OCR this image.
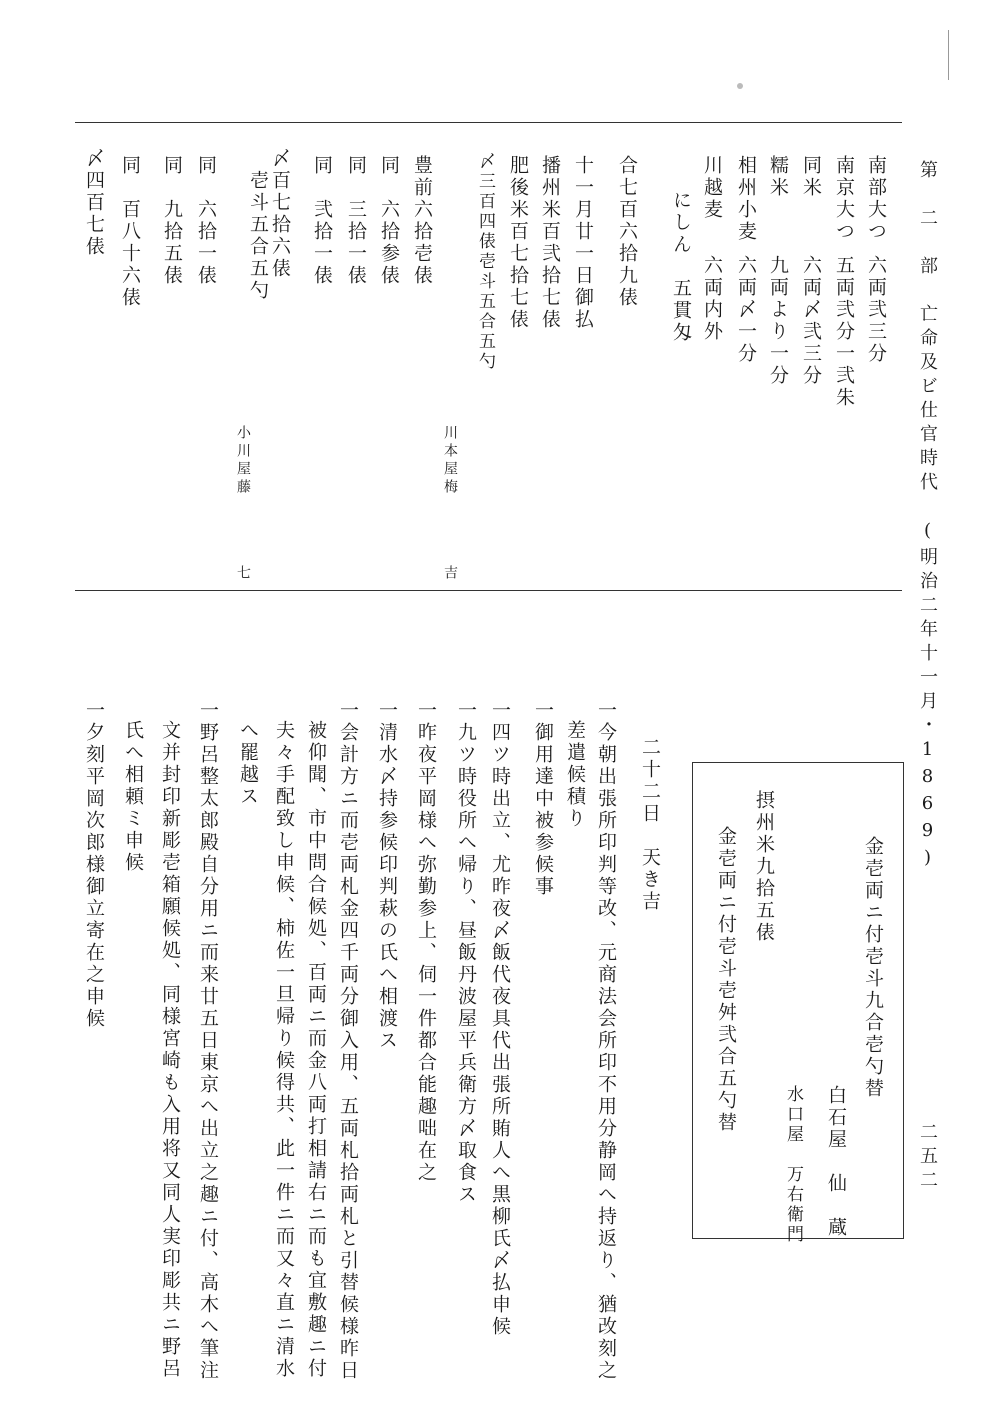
第　二　部　亡命及ビ仕官時代　(明治二年十一月・1869)
二五二
南部大つ
南京大つ
同米
糯米
相州小麦
川越麦
にしん
合七百六拾九俵
十一月廿一日御払
播州米百弐拾七俵
肥後米百七拾七俵
〆三百四俵壱斗五合五勺
豊前六拾壱俵
同　六拾参俵
同　三拾一俵
同　弐拾一俵
〆百七拾六俵
壱斗五合五勺
同　六拾一俵
同　九拾五俵
同　百八十六俵
〆四百七俵
六両弐三分
五両弐分一弐朱
六両〆弐三分
九両より一分
六両〆一分
六両内外
五貫匁
川本屋梅
吉
小川屋藤
七
金壱両ニ付壱斗九合壱勺替
白石屋　仙　蔵
摂州米九拾五俵
金壱両ニ付壱斗壱舛弐合五勺替
水口屋　万右衛門
二十二日　天き吉
一今朝出張所印判等改、元商法会所印不用分静岡へ持返り、猶改刻之
差遣候積り
一御用達中被参候事
一四ツ時出立、尤昨夜〆飯代夜具代出張所賄人へ黒柳氏〆払申候
一九ツ時役所へ帰り、昼飯丹波屋平兵衛方〆取食ス
一昨夜平岡様へ弥勤参上、伺一件都合能趣咄在之
一清水〆持参候印判萩の氏へ相渡ス
一会計方ニ而壱両札金四千両分御入用、五両札拾両札と引替候様昨日
被仰聞、市中問合候処、百両ニ而金八両打相請右ニ而も宜敷趣ニ付
夫々手配致し申候、柿佐一旦帰り候得共、此一件ニ而又々直ニ清水
へ罷越ス
一野呂整太郎殿自分用ニ而来廿五日東京へ出立之趣ニ付、高木へ筆注
文并封印新彫壱箱願候処、同様宮崎も入用将又同人実印彫共ニ野呂
氏へ相頼ミ申候
一夕刻平岡次郎様御立寄在之申候
